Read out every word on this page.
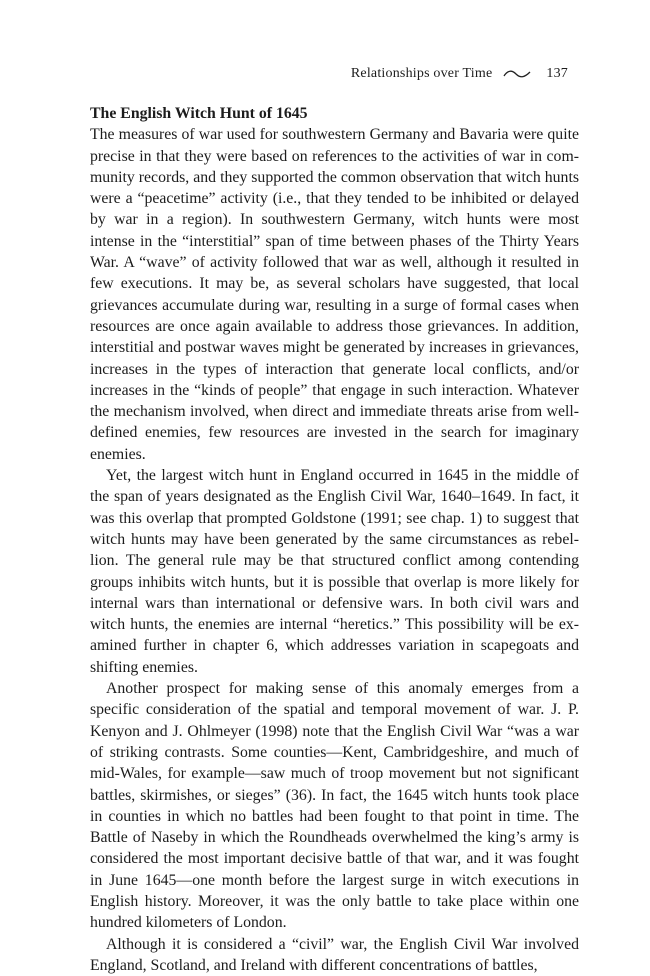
Relationships over Time	137
The English Witch Hunt of 1645

The measures of war used for southwestern Germany and Bavaria were quite precise in that they were based on references to the activities of war in community records, and they supported the common observation that witch hunts were a “peacetime” activity (i.e., that they tended to be inhibited or delayed by war in a region). In southwestern Germany, witch hunts were most intense in the “interstitial” span of time between phases of the Thirty Years War. A “wave” of activity followed that war as well, although it resulted in few executions. It may be, as several scholars have suggested, that local grievances accumulate during war, resulting in a surge of formal cases when resources are once again available to address those grievances. In addition, interstitial and postwar waves might be generated by increases in grievances, increases in the types of interaction that generate local conflicts, and/or increases in the “kinds of people” that engage in such interaction. Whatever the mechanism involved, when direct and immediate threats arise from well-defined enemies, few resources are invested in the search for imaginary enemies.

Yet, the largest witch hunt in England occurred in 1645 in the middle of the span of years designated as the English Civil War, 1640–1649. In fact, it was this overlap that prompted Goldstone (1991; see chap. 1) to suggest that witch hunts may have been generated by the same circumstances as rebellion. The general rule may be that structured conflict among contending groups inhibits witch hunts, but it is possible that overlap is more likely for internal wars than international or defensive wars. In both civil wars and witch hunts, the enemies are internal “heretics.” This possibility will be examined further in chapter 6, which addresses variation in scapegoats and shifting enemies.

Another prospect for making sense of this anomaly emerges from a specific consideration of the spatial and temporal movement of war. J. P. Kenyon and J. Ohlmeyer (1998) note that the English Civil War “was a war of striking contrasts. Some counties—Kent, Cambridgeshire, and much of mid-Wales, for example—saw much of troop movement but not significant battles, skirmishes, or sieges” (36). In fact, the 1645 witch hunts took place in counties in which no battles had been fought to that point in time. The Battle of Naseby in which the Roundheads overwhelmed the king’s army is considered the most important decisive battle of that war, and it was fought in June 1645—one month before the largest surge in witch executions in English history. Moreover, it was the only battle to take place within one hundred kilometers of London.

Although it is considered a “civil” war, the English Civil War involved England, Scotland, and Ireland with different concentrations of battles,
